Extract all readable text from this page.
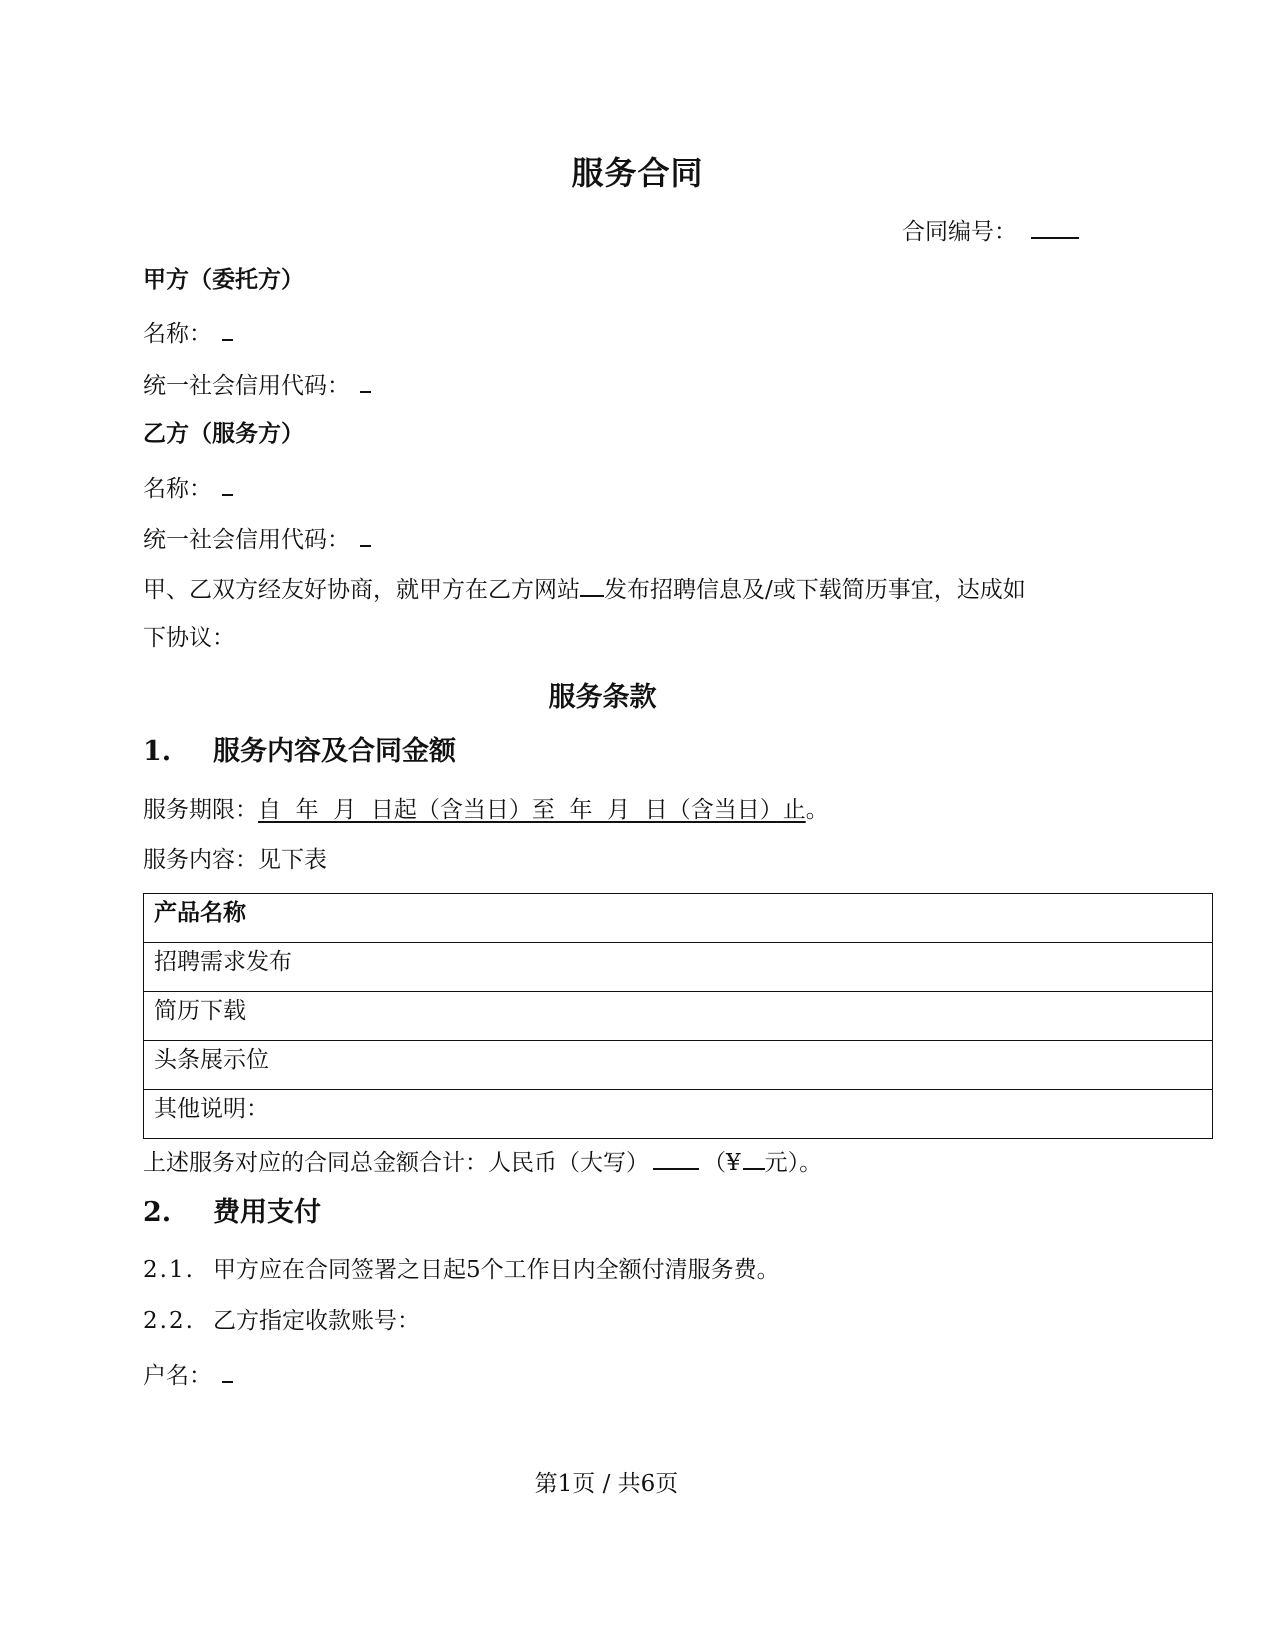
服务合同
合同编号：
甲方（委托方）
名称：
统一社会信用代码：
乙方（服务方）
名称：
统一社会信用代码：
甲、乙双方经友好协商，就甲方在乙方网站 发布招聘信息及/或下载简历事宜，达成如
下协议：
服务条款
1. 服务内容及合同金额
服务期限：自  年  月  日起（含当日）至  年  月  日（含当日）止。
服务内容：见下表
产品名称
招聘需求发布
简历下载
头条展示位
其他说明：
上述服务对应的合同总金额合计：人民币（大写） （¥ 元）。
2. 费用支付
2.1. 甲方应在合同签署之日起5个工作日内全额付清服务费。
2.2. 乙方指定收款账号：
户名：
第1页 / 共6页
